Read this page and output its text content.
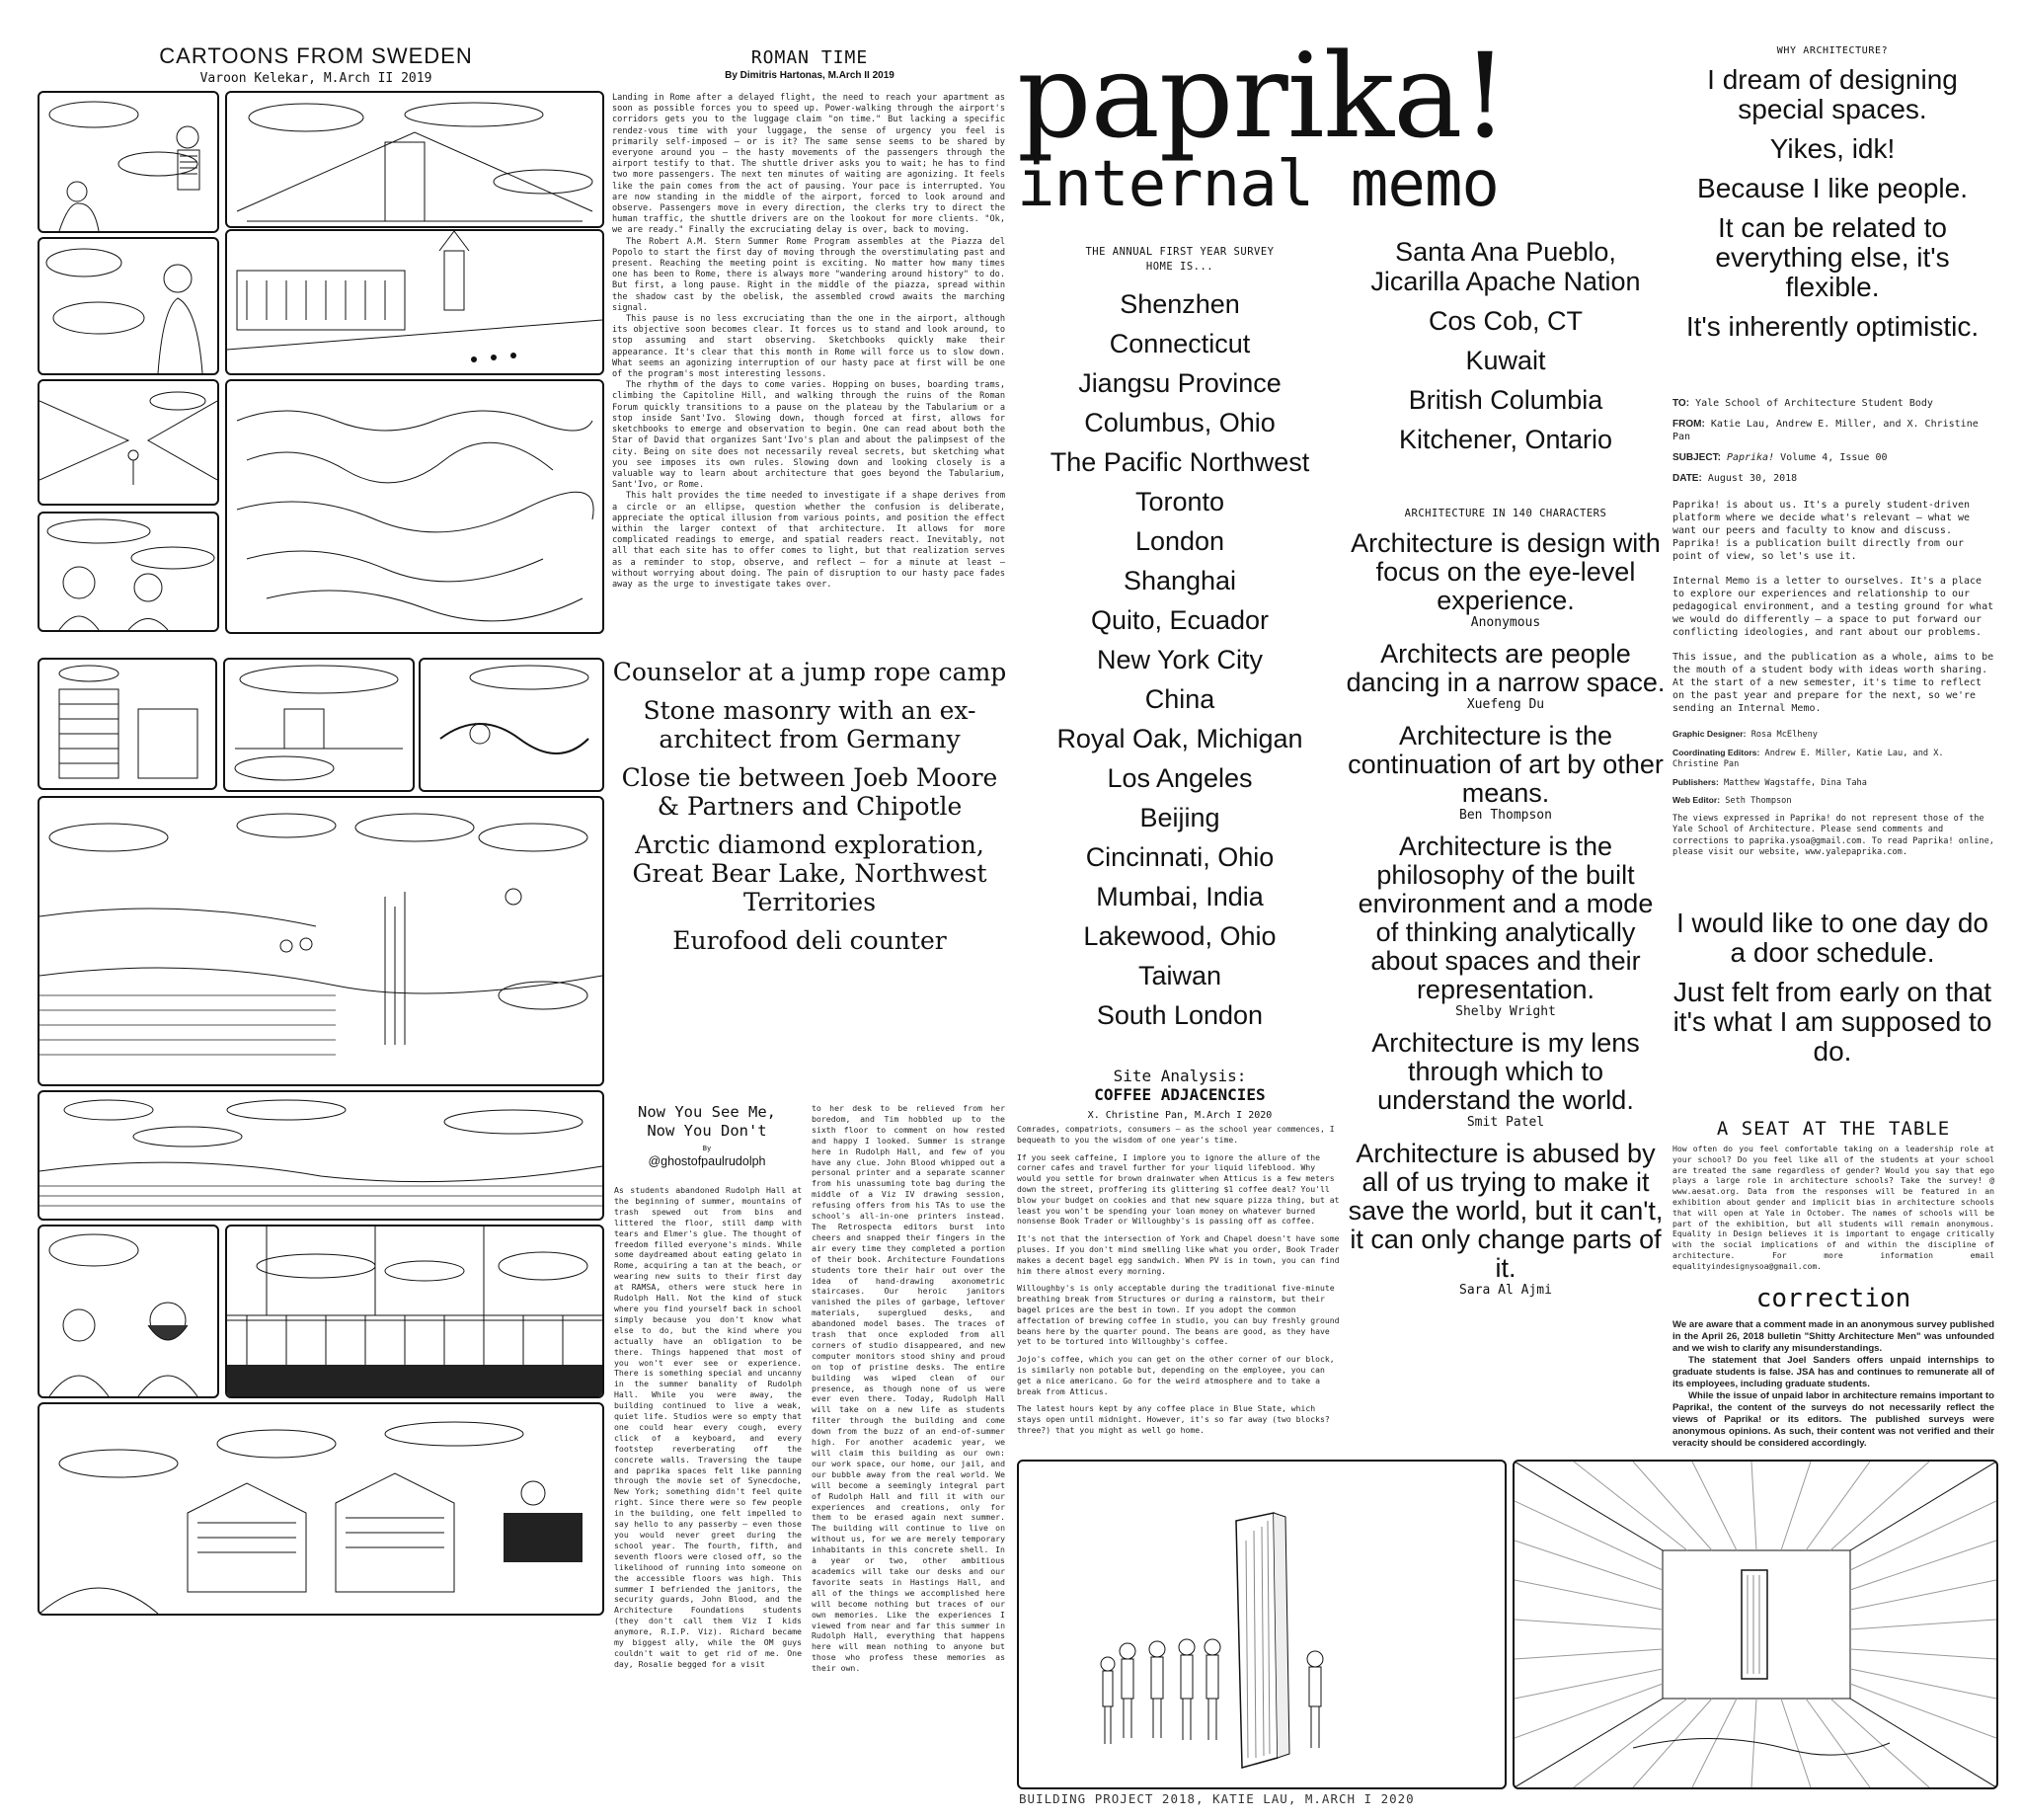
CARTOONS FROM SWEDEN
Varoon Kelekar, M.Arch II 2019
ROMAN TIME
By Dimitris Hartonas, M.Arch II 2019

Landing in Rome after a delayed flight, the need to reach your apartment as soon as possible forces you to speed up. Power-walking through the airport's corridors gets you to the luggage claim "on time." But lacking a specific rendez-vous time with your luggage, the sense of urgency you feel is primarily self-imposed – or is it? The same sense seems to be shared by everyone around you – the hasty movements of the passengers through the airport testify to that. The shuttle driver asks you to wait; he has to find two more passengers. The next ten minutes of waiting are agonizing. It feels like the pain comes from the act of pausing. Your pace is interrupted. You are now standing in the middle of the airport, forced to look around and observe. Passengers move in every direction, the clerks try to direct the human traffic, the shuttle drivers are on the lookout for more clients. "Ok, we are ready." Finally the excruciating delay is over, back to moving.

The Robert A.M. Stern Summer Rome Program assembles at the Piazza del Popolo to start the first day of moving through the overstimulating past and present. Reaching the meeting point is exciting. No matter how many times one has been to Rome, there is always more "wandering around history" to do. But first, a long pause. Right in the middle of the piazza, spread within the shadow cast by the obelisk, the assembled crowd awaits the marching signal.

This pause is no less excruciating than the one in the airport, although its objective soon becomes clear. It forces us to stand and look around, to stop assuming and start observing. Sketchbooks quickly make their appearance. It's clear that this month in Rome will force us to slow down. What seems an agonizing interruption of our hasty pace at first will be one of the program's most interesting lessons.

The rhythm of the days to come varies. Hopping on buses, boarding trams, climbing the Capitoline Hill, and walking through the ruins of the Roman Forum quickly transitions to a pause on the plateau by the Tabularium or a stop inside Sant'Ivo. Slowing down, though forced at first, allows for sketchbooks to emerge and observation to begin. One can read about both the Star of David that organizes Sant'Ivo's plan and about the palimpsest of the city. Being on site does not necessarily reveal secrets, but sketching what you see imposes its own rules. Slowing down and looking closely is a valuable way to learn about architecture that goes beyond the Tabularium, Sant'Ivo, or Rome.

This halt provides the time needed to investigate if a shape derives from a circle or an ellipse, question whether the confusion is deliberate, appreciate the optical illusion from various points, and position the effect within the larger context of that architecture. It allows for more complicated readings to emerge, and spatial readers react. Inevitably, not all that each site has to offer comes to light, but that realization serves as a reminder to stop, observe, and reflect – for a minute at least – without worrying about doing. The pain of disruption to our hasty pace fades away as the urge to investigate takes over.

Counselor at a jump rope camp
Stone masonry with an ex-architect from Germany
Close tie between Joeb Moore & Partners and Chipotle
Arctic diamond exploration, Great Bear Lake, Northwest Territories
Eurofood deli counter
Now You See Me,
Now You Don't
By
@ghostofpaulrudolph
As students abandoned Rudolph Hall at the beginning of summer, mountains of trash spewed out from bins and littered the floor, still damp with tears and Elmer's glue. The thought of freedom filled everyone's minds. While some daydreamed about eating gelato in Rome, acquiring a tan at the beach, or wearing new suits to their first day at RAMSA, others were stuck here in Rudolph Hall. Not the kind of stuck where you find yourself back in school simply because you don't know what else to do, but the kind where you actually have an obligation to be there. Things happened that most of you won't ever see or experience. There is something special and uncanny in the summer banality of Rudolph Hall. While you were away, the building continued to live a weak, quiet life. Studios were so empty that one could hear every cough, every click of a keyboard, and every footstep reverberating off the concrete walls. Traversing the taupe and paprika spaces felt like panning through the movie set of Synecdoche, New York; something didn't feel quite right. Since there were so few people in the building, one felt impelled to say hello to any passerby – even those you would never greet during the school year. The fourth, fifth, and seventh floors were closed off, so the likelihood of running into someone on the accessible floors was high. This summer I befriended the janitors, the security guards, John Blood, and the Architecture Foundations students (they don't call them Viz I kids anymore, R.I.P. Viz). Richard became my biggest ally, while the OM guys couldn't wait to get rid of me. One day, Rosalie begged for a visit
to her desk to be relieved from her boredom, and Tim hobbled up to the sixth floor to comment on how rested and happy I looked. Summer is strange here in Rudolph Hall, and few of you have any clue. John Blood whipped out a personal printer and a separate scanner from his unassuming tote bag during the middle of a Viz IV drawing session, refusing offers from his TAs to use the school's all-in-one printers instead. The Retrospecta editors burst into cheers and snapped their fingers in the air every time they completed a portion of their book. Architecture Foundations students tore their hair out over the idea of hand-drawing axonometric staircases. Our heroic janitors vanished the piles of garbage, leftover materials, superglued desks, and abandoned model bases. The traces of trash that once exploded from all corners of studio disappeared, and new computer monitors stood shiny and proud on top of pristine desks. The entire building was wiped clean of our presence, as though none of us were ever even there. Today, Rudolph Hall will take on a new life as students filter through the building and come down from the buzz of an end-of-summer high. For another academic year, we will claim this building as our own: our work space, our home, our jail, and our bubble away from the real world. We will become a seemingly integral part of Rudolph Hall and fill it with our experiences and creations, only for them to be erased again next summer. The building will continue to live on without us, for we are merely temporary inhabitants in this concrete shell. In a year or two, other ambitious academics will take our desks and our favorite seats in Hastings Hall, and all of the things we accomplished here will become nothing but traces of our own memories. Like the experiences I viewed from near and far this summer in Rudolph Hall, everything that happens here will mean nothing to anyone but those who profess these memories as their own.
paprika!
internal memo
THE ANNUAL FIRST YEAR SURVEY
HOME IS...
Shenzhen
Connecticut
Jiangsu Province
Columbus, Ohio
The Pacific Northwest
Toronto
London
Shanghai
Quito, Ecuador
New York City
China
Royal Oak, Michigan
Los Angeles
Beijing
Cincinnati, Ohio
Mumbai, India
Lakewood, Ohio
Taiwan
South London
Santa Ana Pueblo, Jicarilla Apache Nation
Cos Cob, CT
Kuwait
British Columbia
Kitchener, Ontario
ARCHITECTURE IN 140 CHARACTERS
Architecture is design with focus on the eye-level experience.
Anonymous
Architects are people dancing in a narrow space.
Xuefeng Du
Architecture is the continuation of art by other means.
Ben Thompson
Architecture is the philosophy of the built environment and a mode of thinking analytically about spaces and their representation.
Shelby Wright
Architecture is my lens through which to understand the world.
Smit Patel
Architecture is abused by all of us trying to make it save the world, but it can't, it can only change parts of it.
Sara Al Ajmi
Site Analysis:
COFFEE ADJACENCIES
X. Christine Pan, M.Arch I 2020
Comrades, compatriots, consumers – as the school year commences, I bequeath to you the wisdom of one year's time.
If you seek caffeine, I implore you to ignore the allure of the corner cafes and travel further for your liquid lifeblood. Why would you settle for brown drainwater when Atticus is a few meters down the street, proffering its glittering $1 coffee deal? You'll blow your budget on cookies and that new square pizza thing, but at least you won't be spending your loan money on whatever burned nonsense Book Trader or Willoughby's is passing off as coffee.
It's not that the intersection of York and Chapel doesn't have some pluses. If you don't mind smelling like what you order, Book Trader makes a decent bagel egg sandwich. When PV is in town, you can find him there almost every morning.
Willoughby's is only acceptable during the traditional five-minute breathing break from Structures or during a rainstorm, but their bagel prices are the best in town. If you adopt the common affectation of brewing coffee in studio, you can buy freshly ground beans here by the quarter pound. The beans are good, as they have yet to be tortured into Willoughby's coffee.
Jojo's coffee, which you can get on the other corner of our block, is similarly non potable but, depending on the employee, you can get a nice americano. Go for the weird atmosphere and to take a break from Atticus.
The latest hours kept by any coffee place in Blue State, which stays open until midnight. However, it's so far away (two blocks? three?) that you might as well go home.
WHY ARCHITECTURE?
I dream of designing special spaces.
Yikes, idk!
Because I like people.
It can be related to everything else, it's flexible.
It's inherently optimistic.
TO: Yale School of Architecture Student Body
FROM: Katie Lau, Andrew E. Miller, and X. Christine Pan
SUBJECT: Paprika! Volume 4, Issue 00
DATE: August 30, 2018
Paprika! is about us. It's a purely student-driven platform where we decide what's relevant – what we want our peers and faculty to know and discuss. Paprika! is a publication built directly from our point of view, so let's use it.
Internal Memo is a letter to ourselves. It's a place to explore our experiences and relationship to our pedagogical environment, and a testing ground for what we would do differently – a space to put forward our conflicting ideologies, and rant about our problems.
This issue, and the publication as a whole, aims to be the mouth of a student body with ideas worth sharing. At the start of a new semester, it's time to reflect on the past year and prepare for the next, so we're sending an Internal Memo.
Graphic Designer: Rosa McElheny
Coordinating Editors: Andrew E. Miller, Katie Lau, and X. Christine Pan
Publishers: Matthew Wagstaffe, Dina Taha
Web Editor: Seth Thompson
The views expressed in Paprika! do not represent those of the Yale School of Architecture. Please send comments and corrections to paprika.ysoa@gmail.com. To read Paprika! online, please visit our website, www.yalepaprika.com.
I would like to one day do a door schedule.
Just felt from early on that it's what I am supposed to do.
A SEAT AT THE TABLE
How often do you feel comfortable taking on a leadership role at your school? Do you feel like all of the students at your school are treated the same regardless of gender? Would you say that ego plays a large role in architecture schools? Take the survey! @ www.aesat.org. Data from the responses will be featured in an exhibition about gender and implicit bias in architecture schools that will open at Yale in October. The names of schools will be part of the exhibition, but all students will remain anonymous. Equality in Design believes it is important to engage critically with the social implications of and within the discipline of architecture. For more information email equalityindesignysoa@gmail.com.
correction
We are aware that a comment made in an anonymous survey published in the April 26, 2018 bulletin "Shitty Architecture Men" was unfounded and we wish to clarify any misunderstandings.
The statement that Joel Sanders offers unpaid internships to graduate students is false. JSA has and continues to remunerate all of its employees, including graduate students.
While the issue of unpaid labor in architecture remains important to Paprika!, the content of the surveys do not necessarily reflect the views of Paprika! or its editors. The published surveys were anonymous opinions. As such, their content was not verified and their veracity should be considered accordingly.
BUILDING PROJECT 2018, KATIE LAU, M.ARCH I 2020
